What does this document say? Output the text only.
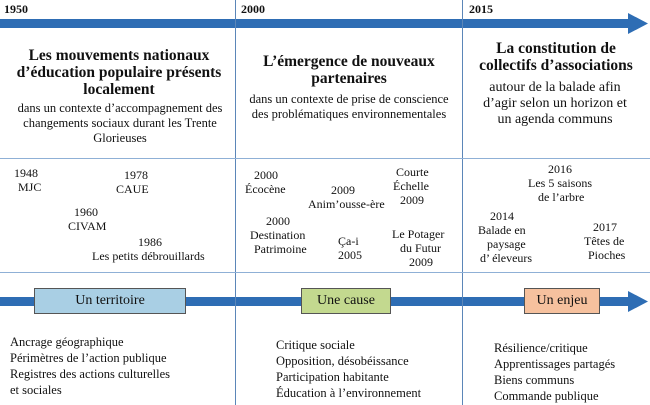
1950	2000	2015
Les mouvements nationaux d’éducation populaire présents localement
dans un contexte d’accompagnement des changements sociaux durant les Trente Glorieuses
1948
MJC
1978
CAUE
1960
CIVAM
1986
Les petits débrouillards
Un territoire
Ancrage géographique
Périmètres de l’action publique
Registres des actions culturelles
et sociales
L’émergence de nouveaux partenaires
dans un contexte de prise de conscience des problématiques environnementales
2000
Écocène	2009
Anim’ousse-ère
Courte
Échelle
2009
2000
Destination
Patrimoine
Ça-i
2005
Le Potager
du Futur
2009
Une cause
Critique sociale
Opposition, désobéissance
Participation habitante
Éducation à l’environnement
La constitution de collectifs d’associations
autour de la balade afin d’agir selon un horizon et un agenda communs
2016
Les 5 saisons
de l’arbre
2014
Balade en
paysage
d’ éleveurs
2017
Têtes de
Pioches
Un enjeu
Résilience/critique
Apprentissages partagés
Biens communs
Commande publique
